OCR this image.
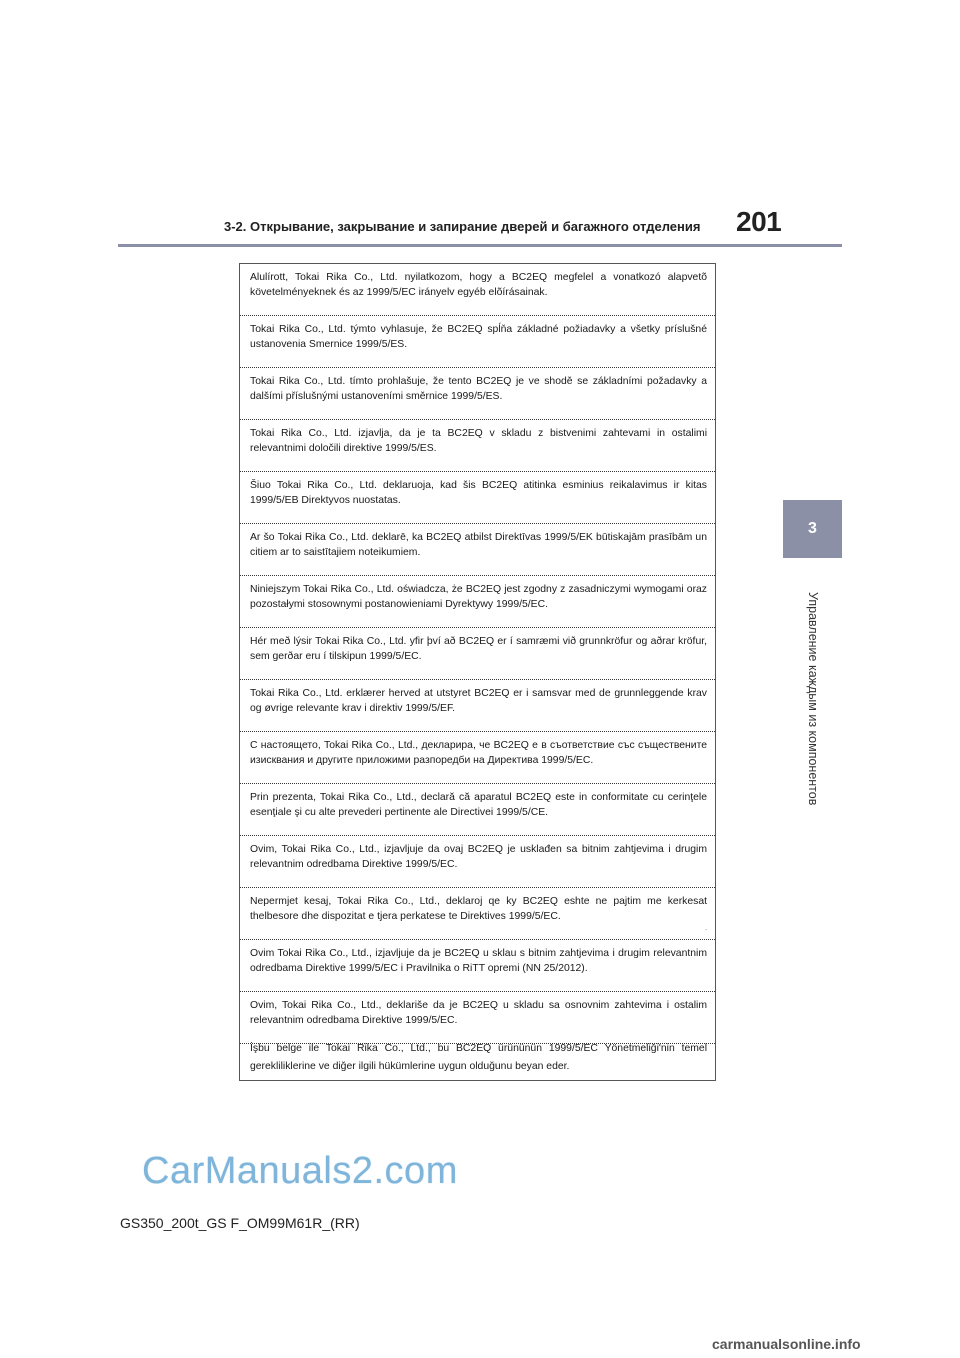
3-2. Открывание, закрывание и запирание дверей и багажного отделения 201
3
Управление каждым из компонентов
Alulírott, Tokai Rika Co., Ltd. nyilatkozom, hogy a BC2EQ megfelel a vonatkozó alapvetõ követelményeknek és az 1999/5/EC irányelv egyéb elõírásainak.
Tokai Rika Co., Ltd. týmto vyhlasuje, že BC2EQ spĺňa základné požiadavky a všetky príslušné ustanovenia Smernice 1999/5/ES.
Tokai Rika Co., Ltd. tímto prohlašuje, že tento BC2EQ je ve shodě se základními požadavky a dalšími příslušnými ustanoveními směrnice 1999/5/ES.
Tokai Rika Co., Ltd. izjavlja, da je ta BC2EQ v skladu z bistvenimi zahtevami in ostalimi relevantnimi določili direktive 1999/5/ES.
Šiuo Tokai Rika Co., Ltd. deklaruoja, kad šis BC2EQ atitinka esminius reikalavimus ir kitas 1999/5/EB Direktyvos nuostatas.
Ar šo Tokai Rika Co., Ltd. deklarē, ka BC2EQ atbilst Direktīvas 1999/5/EK būtiskajām prasībām un citiem ar to saistītajiem noteikumiem.
Niniejszym Tokai Rika Co., Ltd. oświadcza, że BC2EQ jest zgodny z zasadniczymi wymogami oraz pozostałymi stosownymi postanowieniami Dyrektywy 1999/5/EC.
Hér með lýsir Tokai Rika Co., Ltd. yfir því að BC2EQ er í samræmi við grunnkröfur og aðrar kröfur, sem gerðar eru í tilskipun 1999/5/EC.
Tokai Rika Co., Ltd. erklærer herved at utstyret BC2EQ er i samsvar med de grunnleggende krav og øvrige relevante krav i direktiv 1999/5/EF.
С настоящето, Tokai Rika Co., Ltd., декларира, че BC2EQ е в съответствие със съществените изисквания и другите приложими разпоредби на Директива 1999/5/ЕС.
Prin prezenta, Tokai Rika Co., Ltd., declară că aparatul BC2EQ este in conformitate cu cerinţele esenţiale şi cu alte prevederi pertinente ale Directivei 1999/5/CE.
Ovim, Tokai Rika Co., Ltd., izjavljuje da ovaj BC2EQ je usklađen sa bitnim zahtjevima i drugim relevantnim odredbama Direktive 1999/5/EC.
Nepermjet kesaj, Tokai Rika Co., Ltd., deklaroj qe ky BC2EQ eshte ne pajtim me kerkesat thelbesore dhe dispozitat e tjera perkatese te Direktives 1999/5/EC.
Ovim Tokai Rika Co., Ltd., izjavljuje da je BC2EQ u sklau s bitnim zahtjevima i drugim relevantnim odredbama Direktive 1999/5/EC i Pravilnika o RiTT opremi (NN 25/2012).
Ovim, Tokai Rika Co., Ltd., deklariše da je BC2EQ u skladu sa osnovnim zahtevima i ostalim relevantnim odredbama Direktive 1999/5/EC.
İşbu belge ile Tokai Rika Co., Ltd., bu BC2EQ ürününün 1999/5/EC Yönetmeliği'nin temel gerekliliklerine ve diğer ilgili hükümlerine uygun olduğunu beyan eder.
.
CarManuals2.com
GS350_200t_GS F_OM99M61R_(RR)
carmanualsonline.info
